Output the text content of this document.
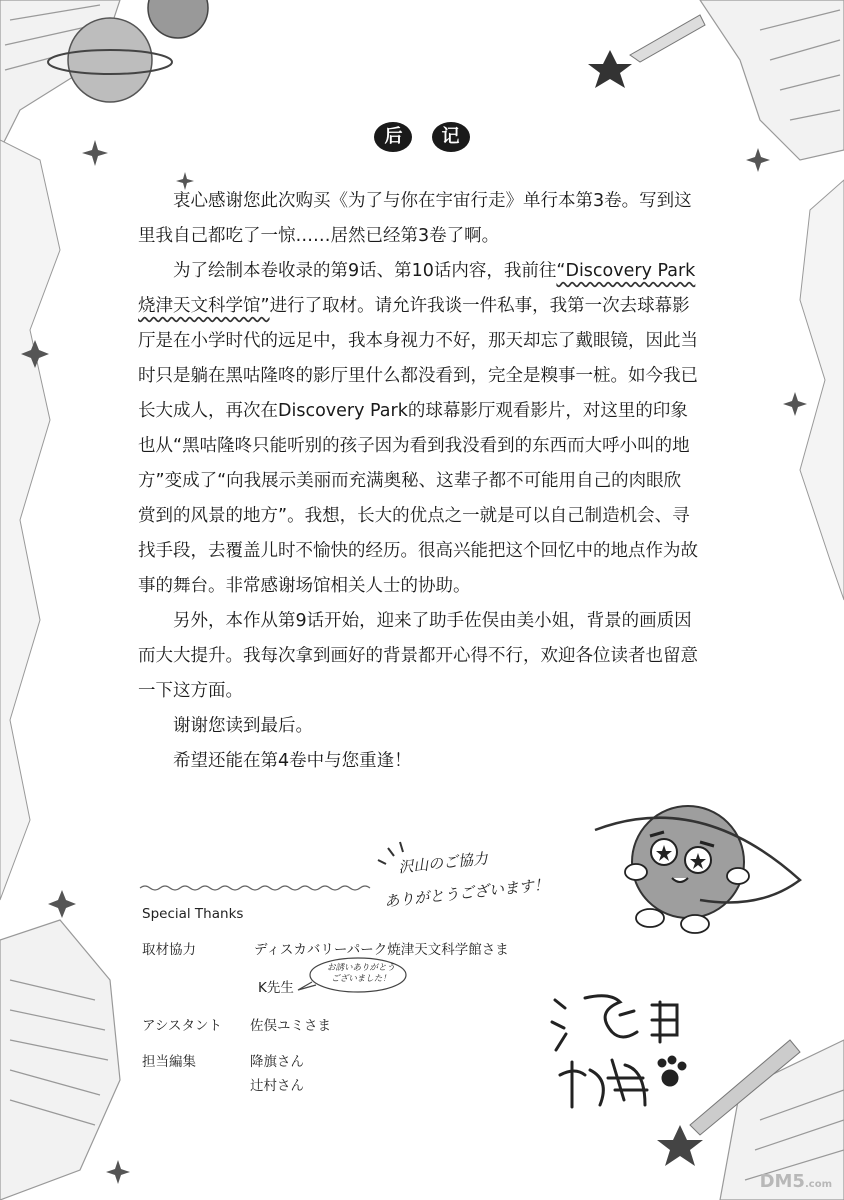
后 记

衷心感谢您此次购买《为了与你在宇宙行走》单行本第3卷。写到这里我自己都吃了一惊……居然已经第3卷了啊。

为了绘制本卷收录的第9话、第10话内容，我前往“Discovery Park 烧津天文科学馆”进行了取材。请允许我谈一件私事，我第一次去球幕影厅是在小学时代的远足中，我本身视力不好，那天却忘了戴眼镜，因此当时只是躺在黑咕隆咚的影厅里什么都没看到，完全是糗事一桩。如今我已长大成人，再次在Discovery Park的球幕影厅观看影片，对这里的印象也从“黑咕隆咚只能听别的孩子因为看到我没看到的东西而大呼小叫的地方”变成了“向我展示美丽而充满奥秘、这辈子都不可能用自己的肉眼欣赏到的风景的地方”。我想，长大的优点之一就是可以自己制造机会、寻找手段，去覆盖儿时不愉快的经历。很高兴能把这个回忆中的地点作为故事的舞台。非常感谢场馆相关人士的协助。

另外，本作从第9话开始，迎来了助手佐俣由美小姐，背景的画质因而大大提升。我每次拿到画好的背景都开心得不行，欢迎各位读者也留意一下这方面。

谢谢您读到最后。

希望还能在第4卷中与您重逢！

沢山のご協力
ありがとうございます！
お誘いありがとう
ございました！
Special Thanks
取材協力	ディスカバリーパーク焼津天文科学館さま
K先生
アシスタント 佐俣ユミさま
担当編集	降旗さん
辻村さん
DM5.com
